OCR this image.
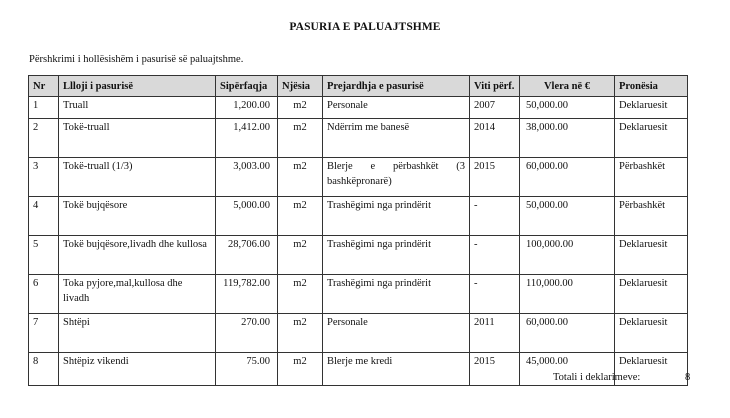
PASURIA E PALUAJTSHME
Përshkrimi i hollësishëm i pasurisë së paluajtshme.
Nr	Llloji i pasurisë	Sipërfaqja	Njësia	Prejardhja e pasurisë	Viti përf.	Vlera në €	Pronësia
1	Truall	1,200.00	m2	Personale	2007	50,000.00	Deklaruesit
2	Tokë-truall	1,412.00	m2	Ndërrim me banesë	2014	38,000.00	Deklaruesit
3	Tokë-truall (1/3)	3,003.00	m2	Blerje e përbashkët (3 bashkëpronarë)	2015	60,000.00	Përbashkët
4	Tokë bujqësore	5,000.00	m2	Trashëgimi nga prindërit	-	50,000.00	Përbashkët
5	Tokë bujqësore,livadh dhe kullosa	28,706.00	m2	Trashëgimi nga prindërit	-	100,000.00	Deklaruesit
6	Toka pyjore,mal,kullosa dhe livadh	119,782.00	m2	Trashëgimi nga prindërit	-	110,000.00	Deklaruesit
7	Shtëpi	270.00	m2	Personale	2011	60,000.00	Deklaruesit
8	Shtëpiz vikendi	75.00	m2	Blerje me kredi	2015	45,000.00	Deklaruesit
Totali i deklarimeve:	8
